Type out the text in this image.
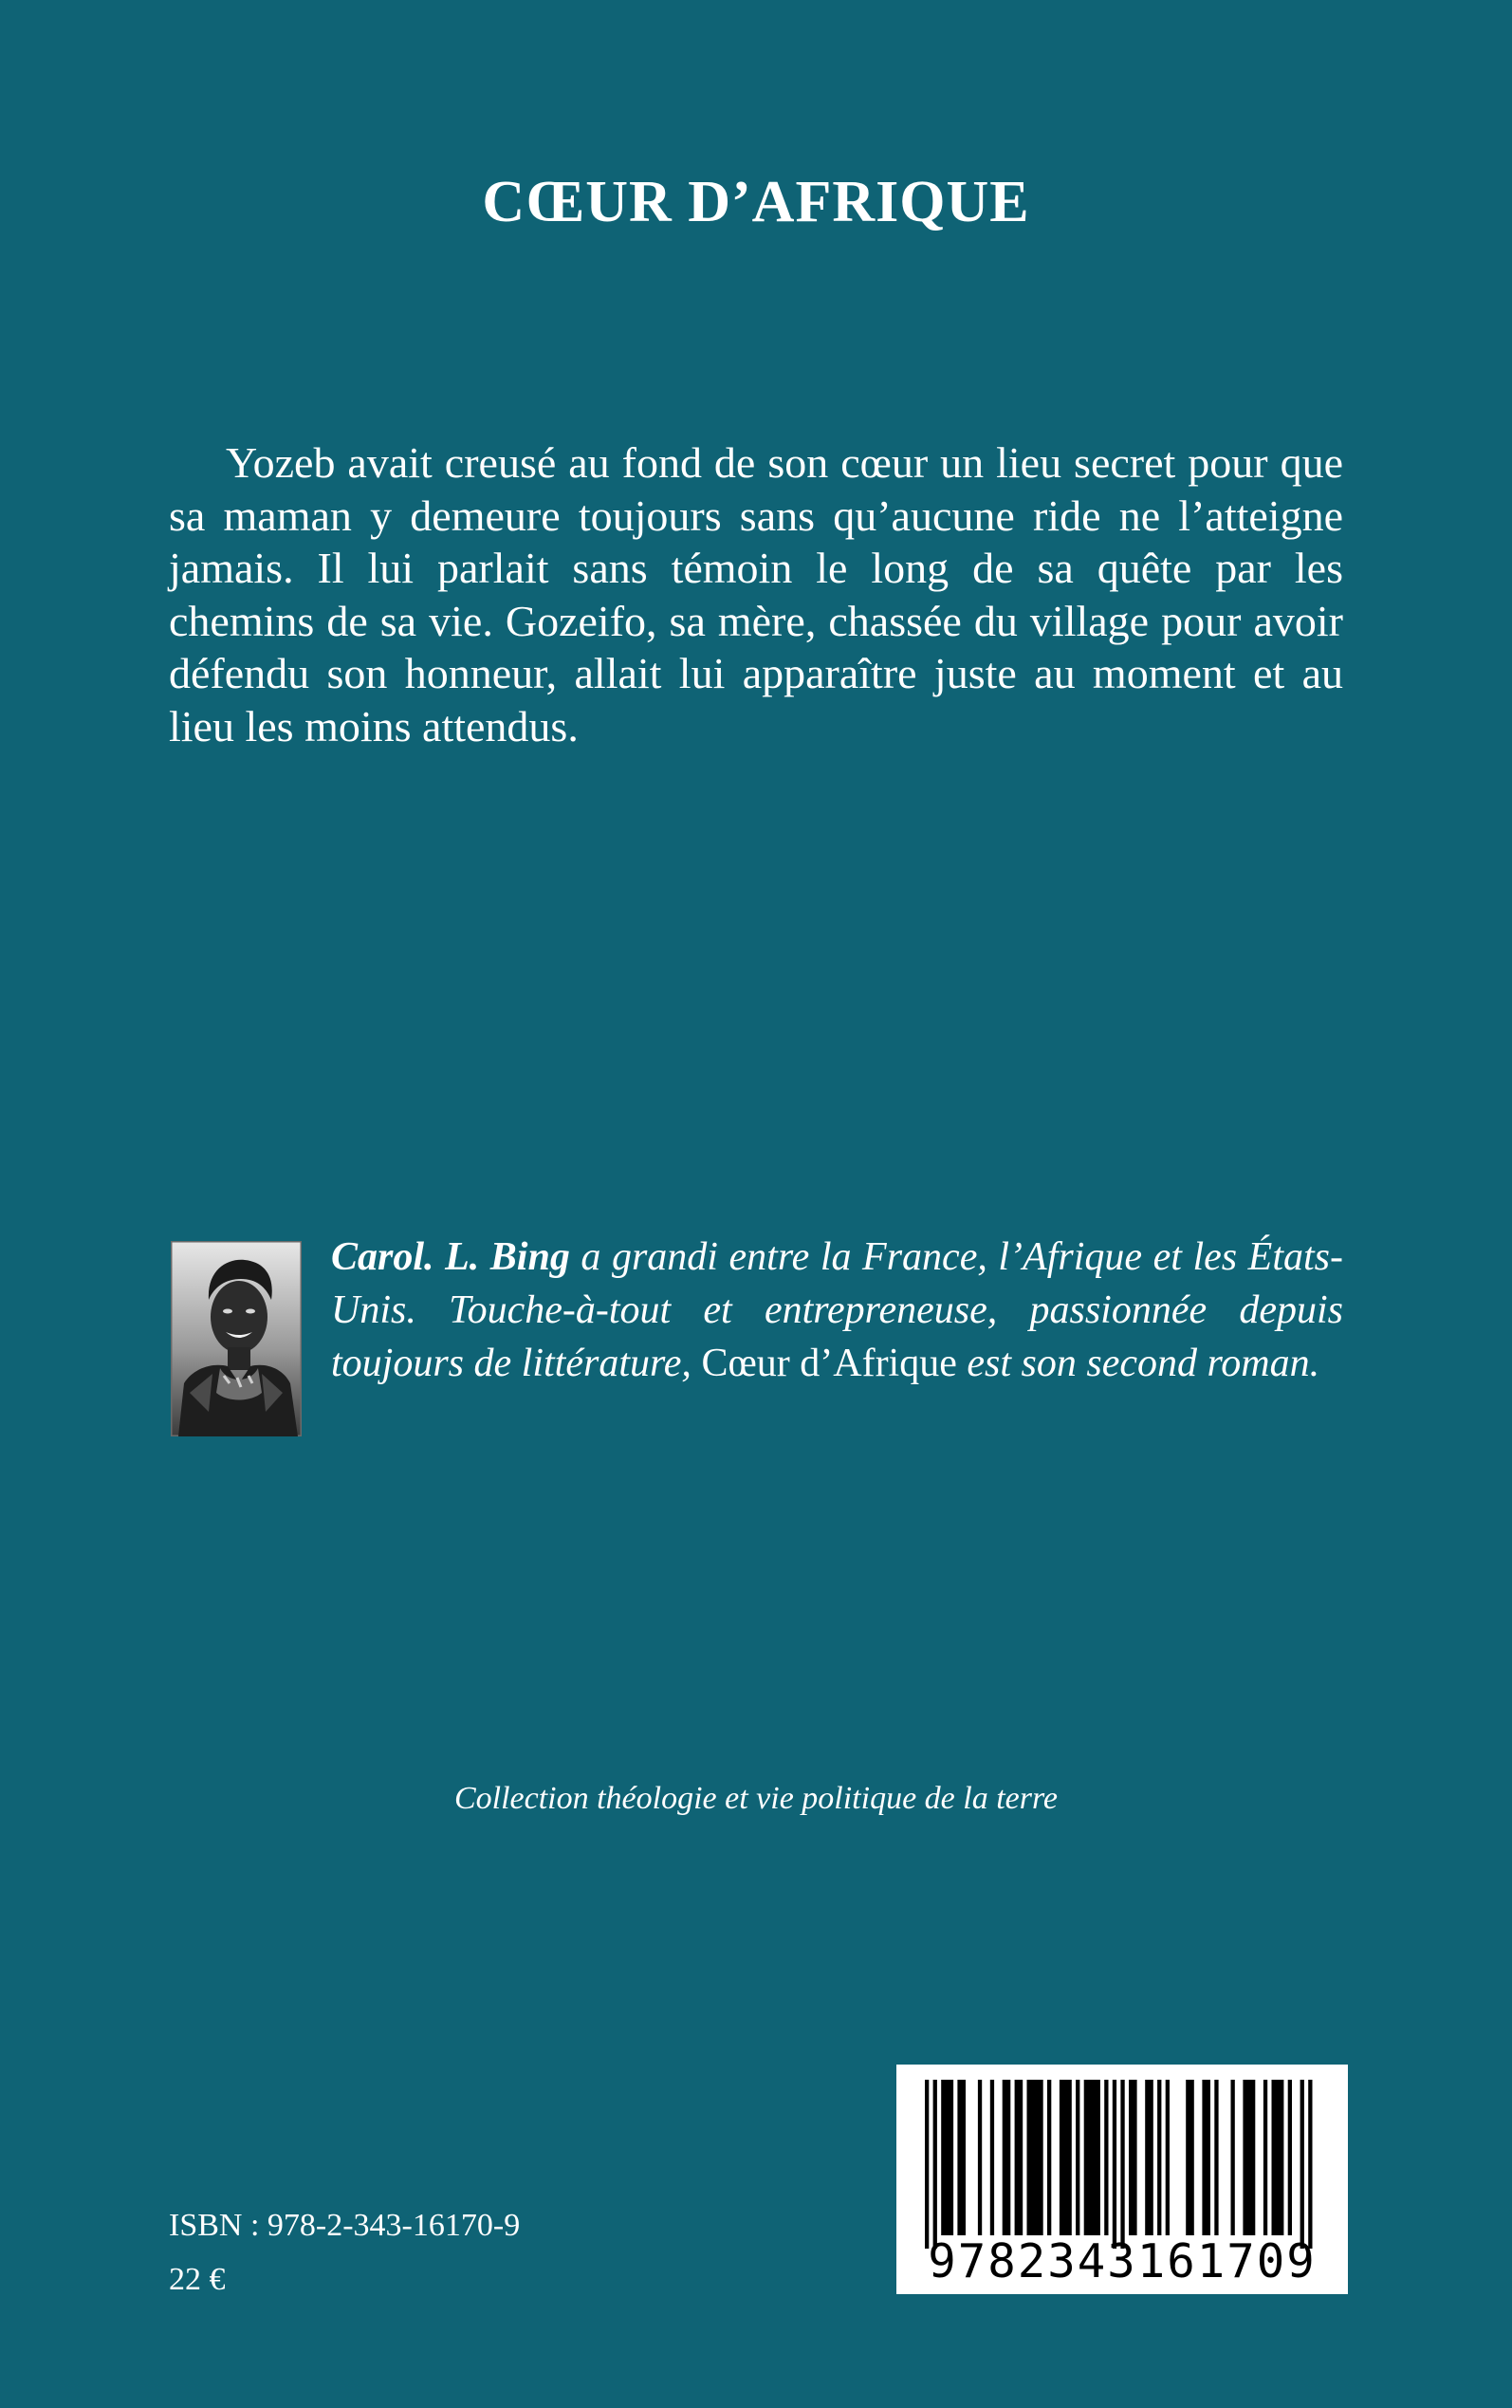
CŒUR D’AFRIQUE

Yozeb avait creusé au fond de son cœur un lieu secret pour que sa maman y demeure toujours sans qu’aucune ride ne l’atteigne jamais. Il lui parlait sans témoin le long de sa quête par les chemins de sa vie. Gozeifo, sa mère, chassée du village pour avoir défendu son honneur, allait lui apparaître juste au moment et au lieu les moins attendus.

Carol. L. Bing a grandi entre la France, l’Afrique et les États-Unis. Touche-à-tout et entrepreneuse, passionnée depuis toujours de littérature, Cœur d’Afrique est son second roman.

Collection théologie et vie politique de la terre
ISBN : 978-2-343-16170-9
22 €	9782343161709
